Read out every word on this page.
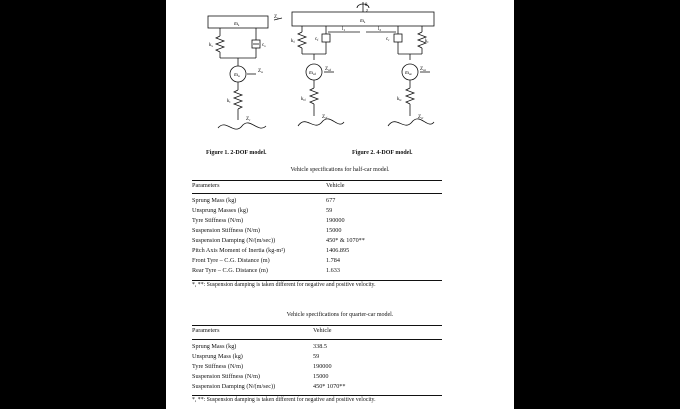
$m_s$
$Z_s$
$k_s$	$c_s$
$m_u$
$Z_u$
$k_t$
$Z_r$
Figure 1. 2-DOF model.
θ
z
$m_s$
$l_1$	$l_2$
$k_f$	$c_f$	$k_r$
$c_r$
$m_{uf}$	$m_{ur}$
$Z_{uf}$	$Z_{ur}$
$k_{tf}$	$k_{tr}$
$Z_{rf}$	$Z_{rr}$
Figure 2. 4-DOF model.
Vehicle specifications for half-car model.
Parameters	Vehicle
Sprung Mass (kg)	677
Unsprung Masses (kg)	59
Tyre Stiffness (N/m)	190000
Suspension Stiffness (N/m)	15000
Suspension Damping (N/(m/sec))	450* & 1070**
Pitch Axis Moment of Inertia (kg-m²)	1406.895
Front Tyre – C.G. Distance (m)	1.784
Rear Tyre – C.G. Distance (m)	1.633
*, **: Suspension damping is taken different for negative and positive velocity.
Vehicle specifications for quarter-car model.
Parameters	Vehicle
Sprung Mass (kg)	338.5
Unsprung Mass (kg)	59
Tyre Stiffness (N/m)	190000
Suspension Stiffness (N/m)	15000
Suspension Damping (N/(m/sec))	450* 1070**
*, **: Suspension damping is taken different for negative and positive velocity.
